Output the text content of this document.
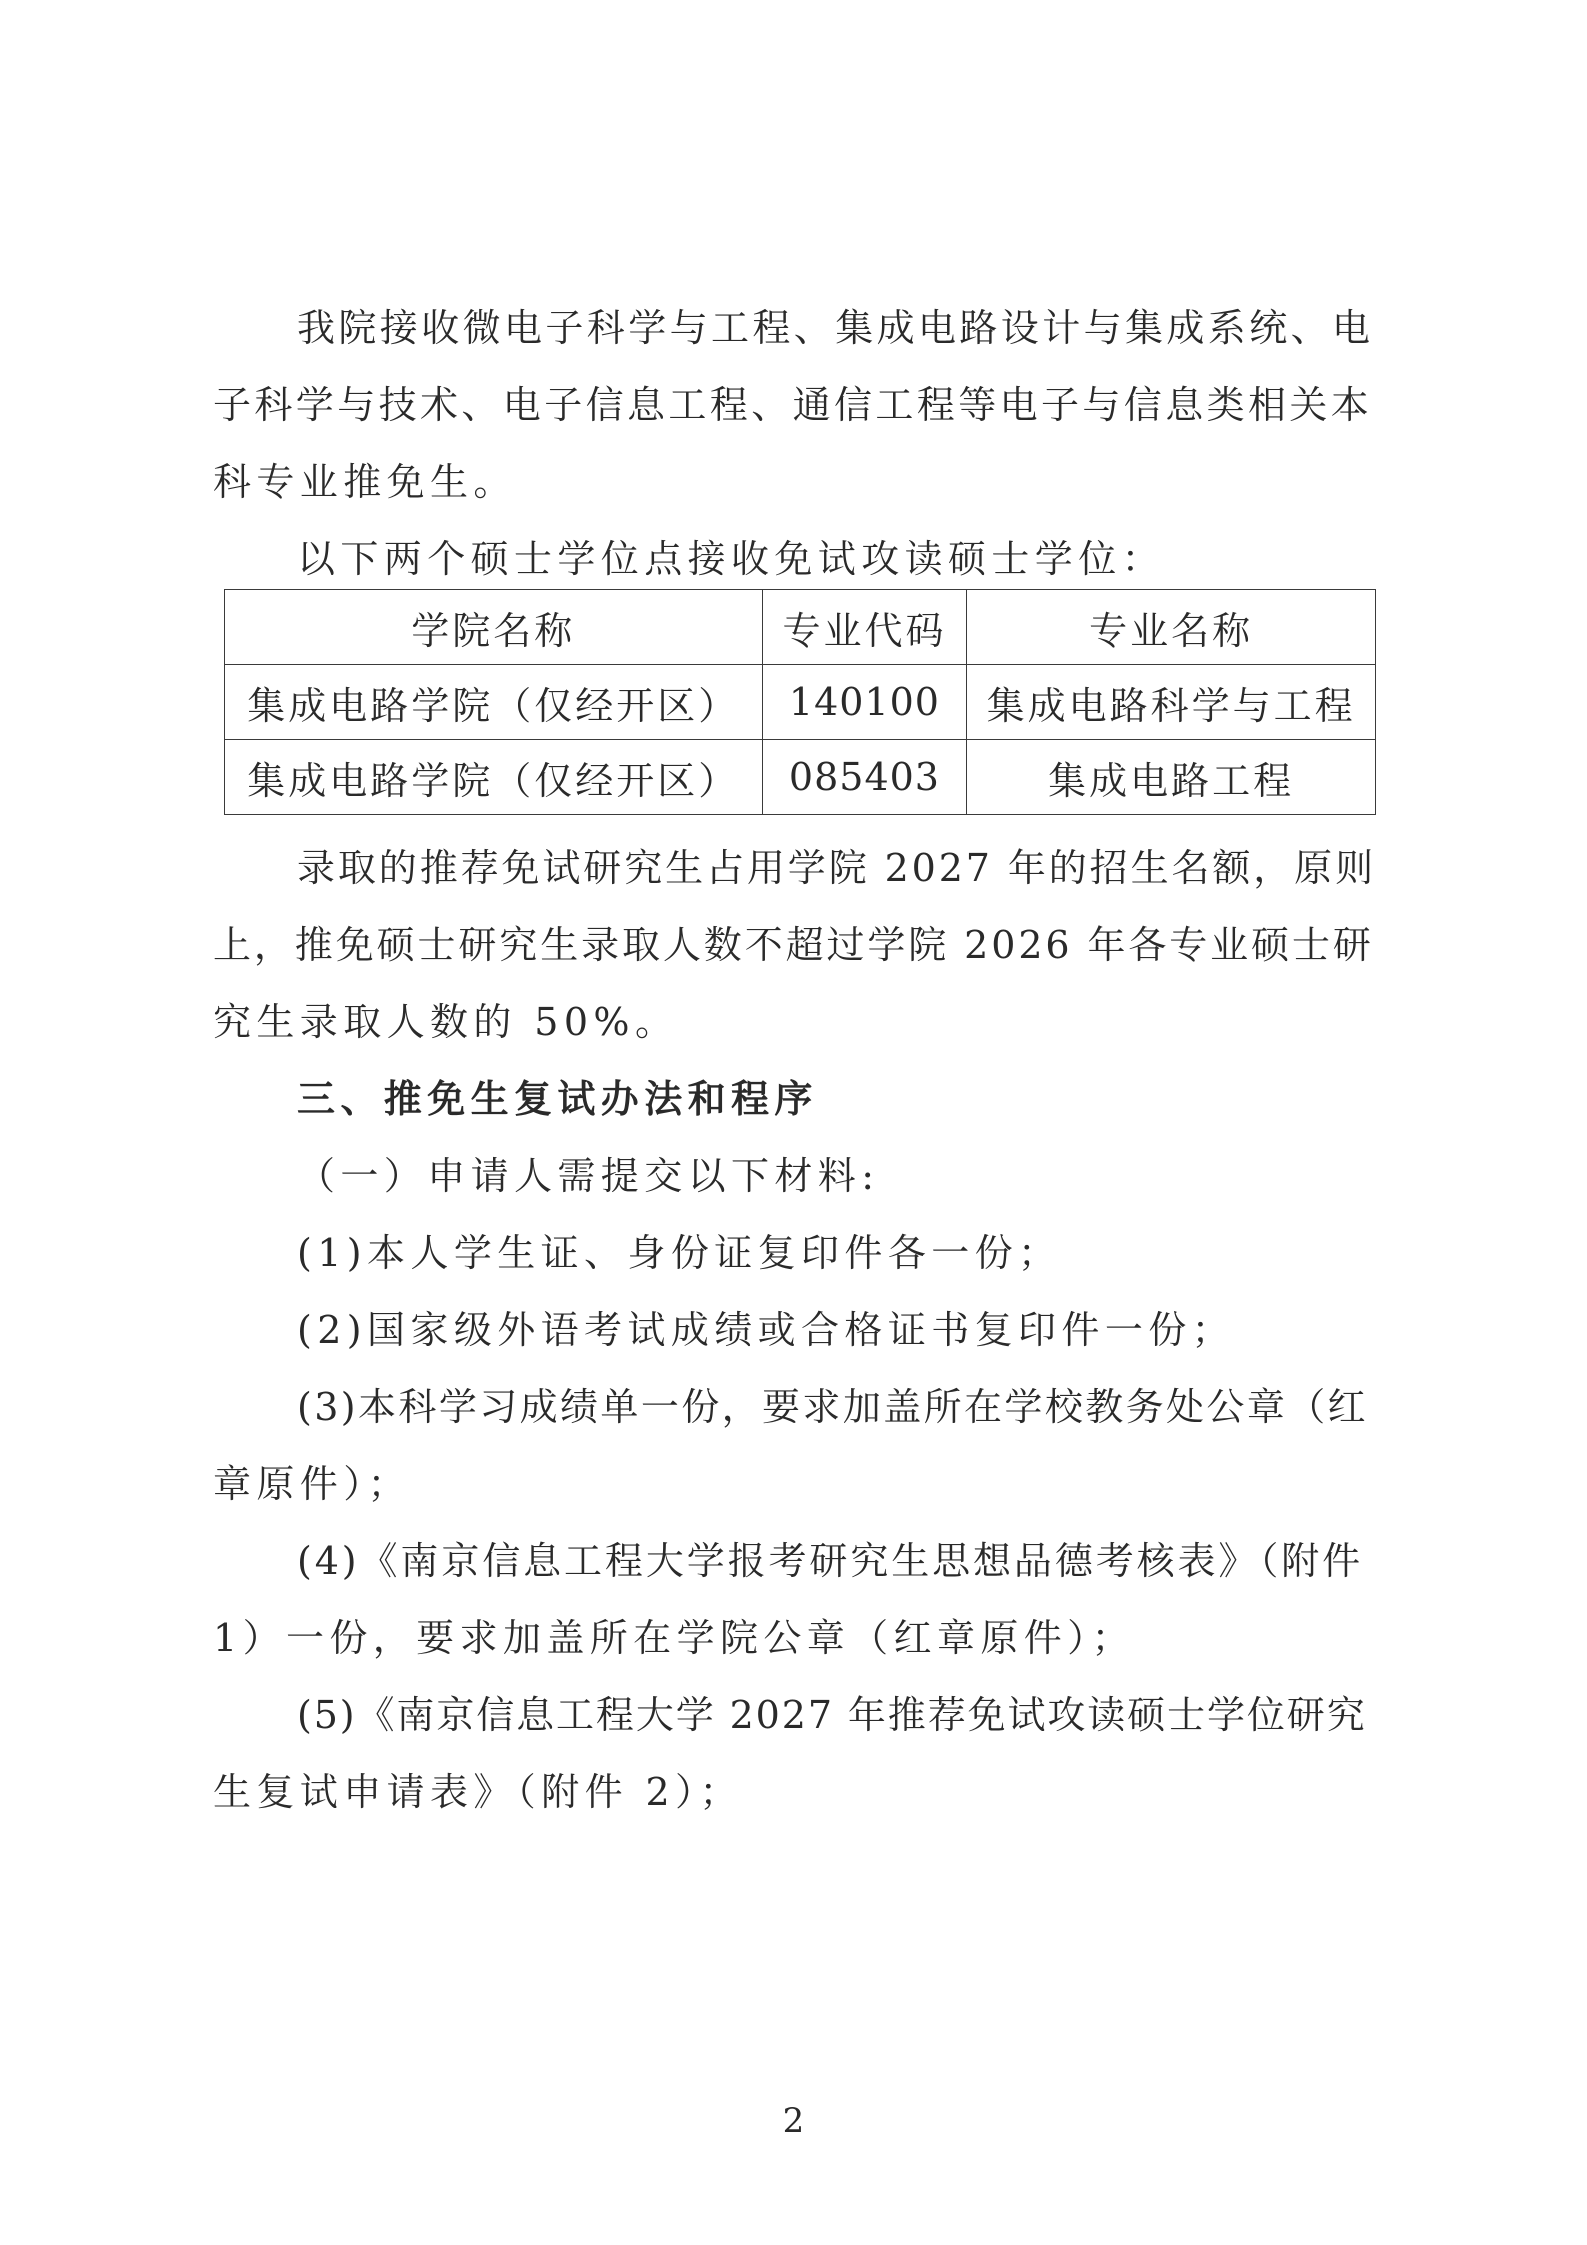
我院接收微电子科学与工程、集成电路设计与集成系统、电
子科学与技术、电子信息工程、通信工程等电子与信息类相关本
科专业推免生。
以下两个硕士学位点接收免试攻读硕士学位：
学院名称	专业代码	专业名称
集成电路学院（仅经开区）	140100	集成电路科学与工程
集成电路学院（仅经开区）	085403	集成电路工程
录取的推荐免试研究生占用学院 2027 年的招生名额，原则
上，推免硕士研究生录取人数不超过学院 2026 年各专业硕士研
究生录取人数的 50%。
三、推免生复试办法和程序
（一）申请人需提交以下材料:
(1)本人学生证、身份证复印件各一份；
(2)国家级外语考试成绩或合格证书复印件一份；
(3)本科学习成绩单一份，要求加盖所在学校教务处公章（红
章原件）；
(4)《南京信息工程大学报考研究生思想品德考核表》（附件
1）一份，要求加盖所在学院公章（红章原件）；
(5)《南京信息工程大学 2027 年推荐免试攻读硕士学位研究
生复试申请表》（附件 2）；
2
